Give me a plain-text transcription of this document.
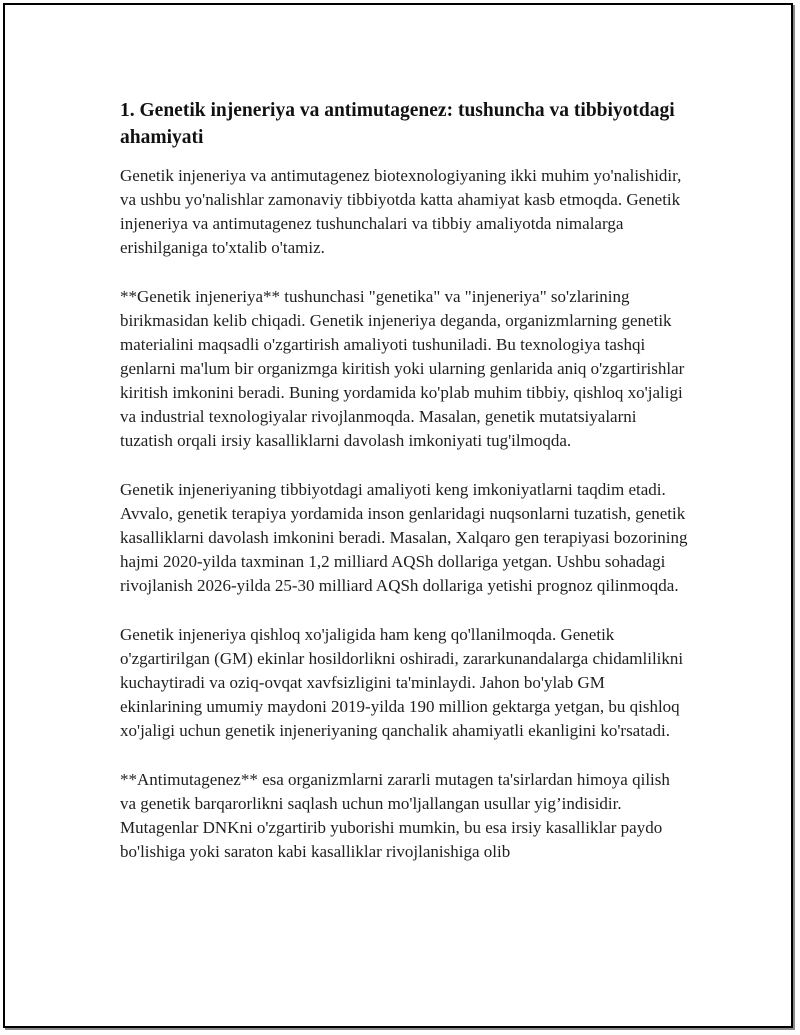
1. Genetik injeneriya va antimutagenez: tushuncha va tibbiyotdagi ahamiyati

Genetik injeneriya va antimutagenez biotexnologiyaning ikki muhim yo'nalishidir, va ushbu yo'nalishlar zamonaviy tibbiyotda katta ahamiyat kasb etmoqda. Genetik injeneriya va antimutagenez tushunchalari va tibbiy amaliyotda nimalarga erishilganiga to'xtalib o'tamiz.

**Genetik injeneriya** tushunchasi "genetika" va "injeneriya" so'zlarining birikmasidan kelib chiqadi. Genetik injeneriya deganda, organizmlarning genetik materialini maqsadli o'zgartirish amaliyoti tushuniladi. Bu texnologiya tashqi genlarni ma'lum bir organizmga kiritish yoki ularning genlarida aniq o'zgartirishlar kiritish imkonini beradi. Buning yordamida ko'plab muhim tibbiy, qishloq xo'jaligi va industrial texnologiyalar rivojlanmoqda. Masalan, genetik mutatsiyalarni tuzatish orqali irsiy kasalliklarni davolash imkoniyati tug'ilmoqda.

Genetik injeneriyaning tibbiyotdagi amaliyoti keng imkoniyatlarni taqdim etadi. Avvalo, genetik terapiya yordamida inson genlaridagi nuqsonlarni tuzatish, genetik kasalliklarni davolash imkonini beradi. Masalan, Xalqaro gen terapiyasi bozorining hajmi 2020-yilda taxminan 1,2 milliard AQSh dollariga yetgan. Ushbu sohadagi rivojlanish 2026-yilda 25-30 milliard AQSh dollariga yetishi prognoz qilinmoqda.

Genetik injeneriya qishloq xo'jaligida ham keng qo'llanilmoqda. Genetik o'zgartirilgan (GM) ekinlar hosildorlikni oshiradi, zararkunandalarga chidamlilikni kuchaytiradi va oziq-ovqat xavfsizligini ta'minlaydi. Jahon bo'ylab GM ekinlarining umumiy maydoni 2019-yilda 190 million gektarga yetgan, bu qishloq xo'jaligi uchun genetik injeneriyaning qanchalik ahamiyatli ekanligini ko'rsatadi.

**Antimutagenez** esa organizmlarni zararli mutagen ta'sirlardan himoya qilish va genetik barqarorlikni saqlash uchun mo'ljallangan usullar yig’indisidir. Mutagenlar DNKni o'zgartirib yuborishi mumkin, bu esa irsiy kasalliklar paydo bo'lishiga yoki saraton kabi kasalliklar rivojlanishiga olib
